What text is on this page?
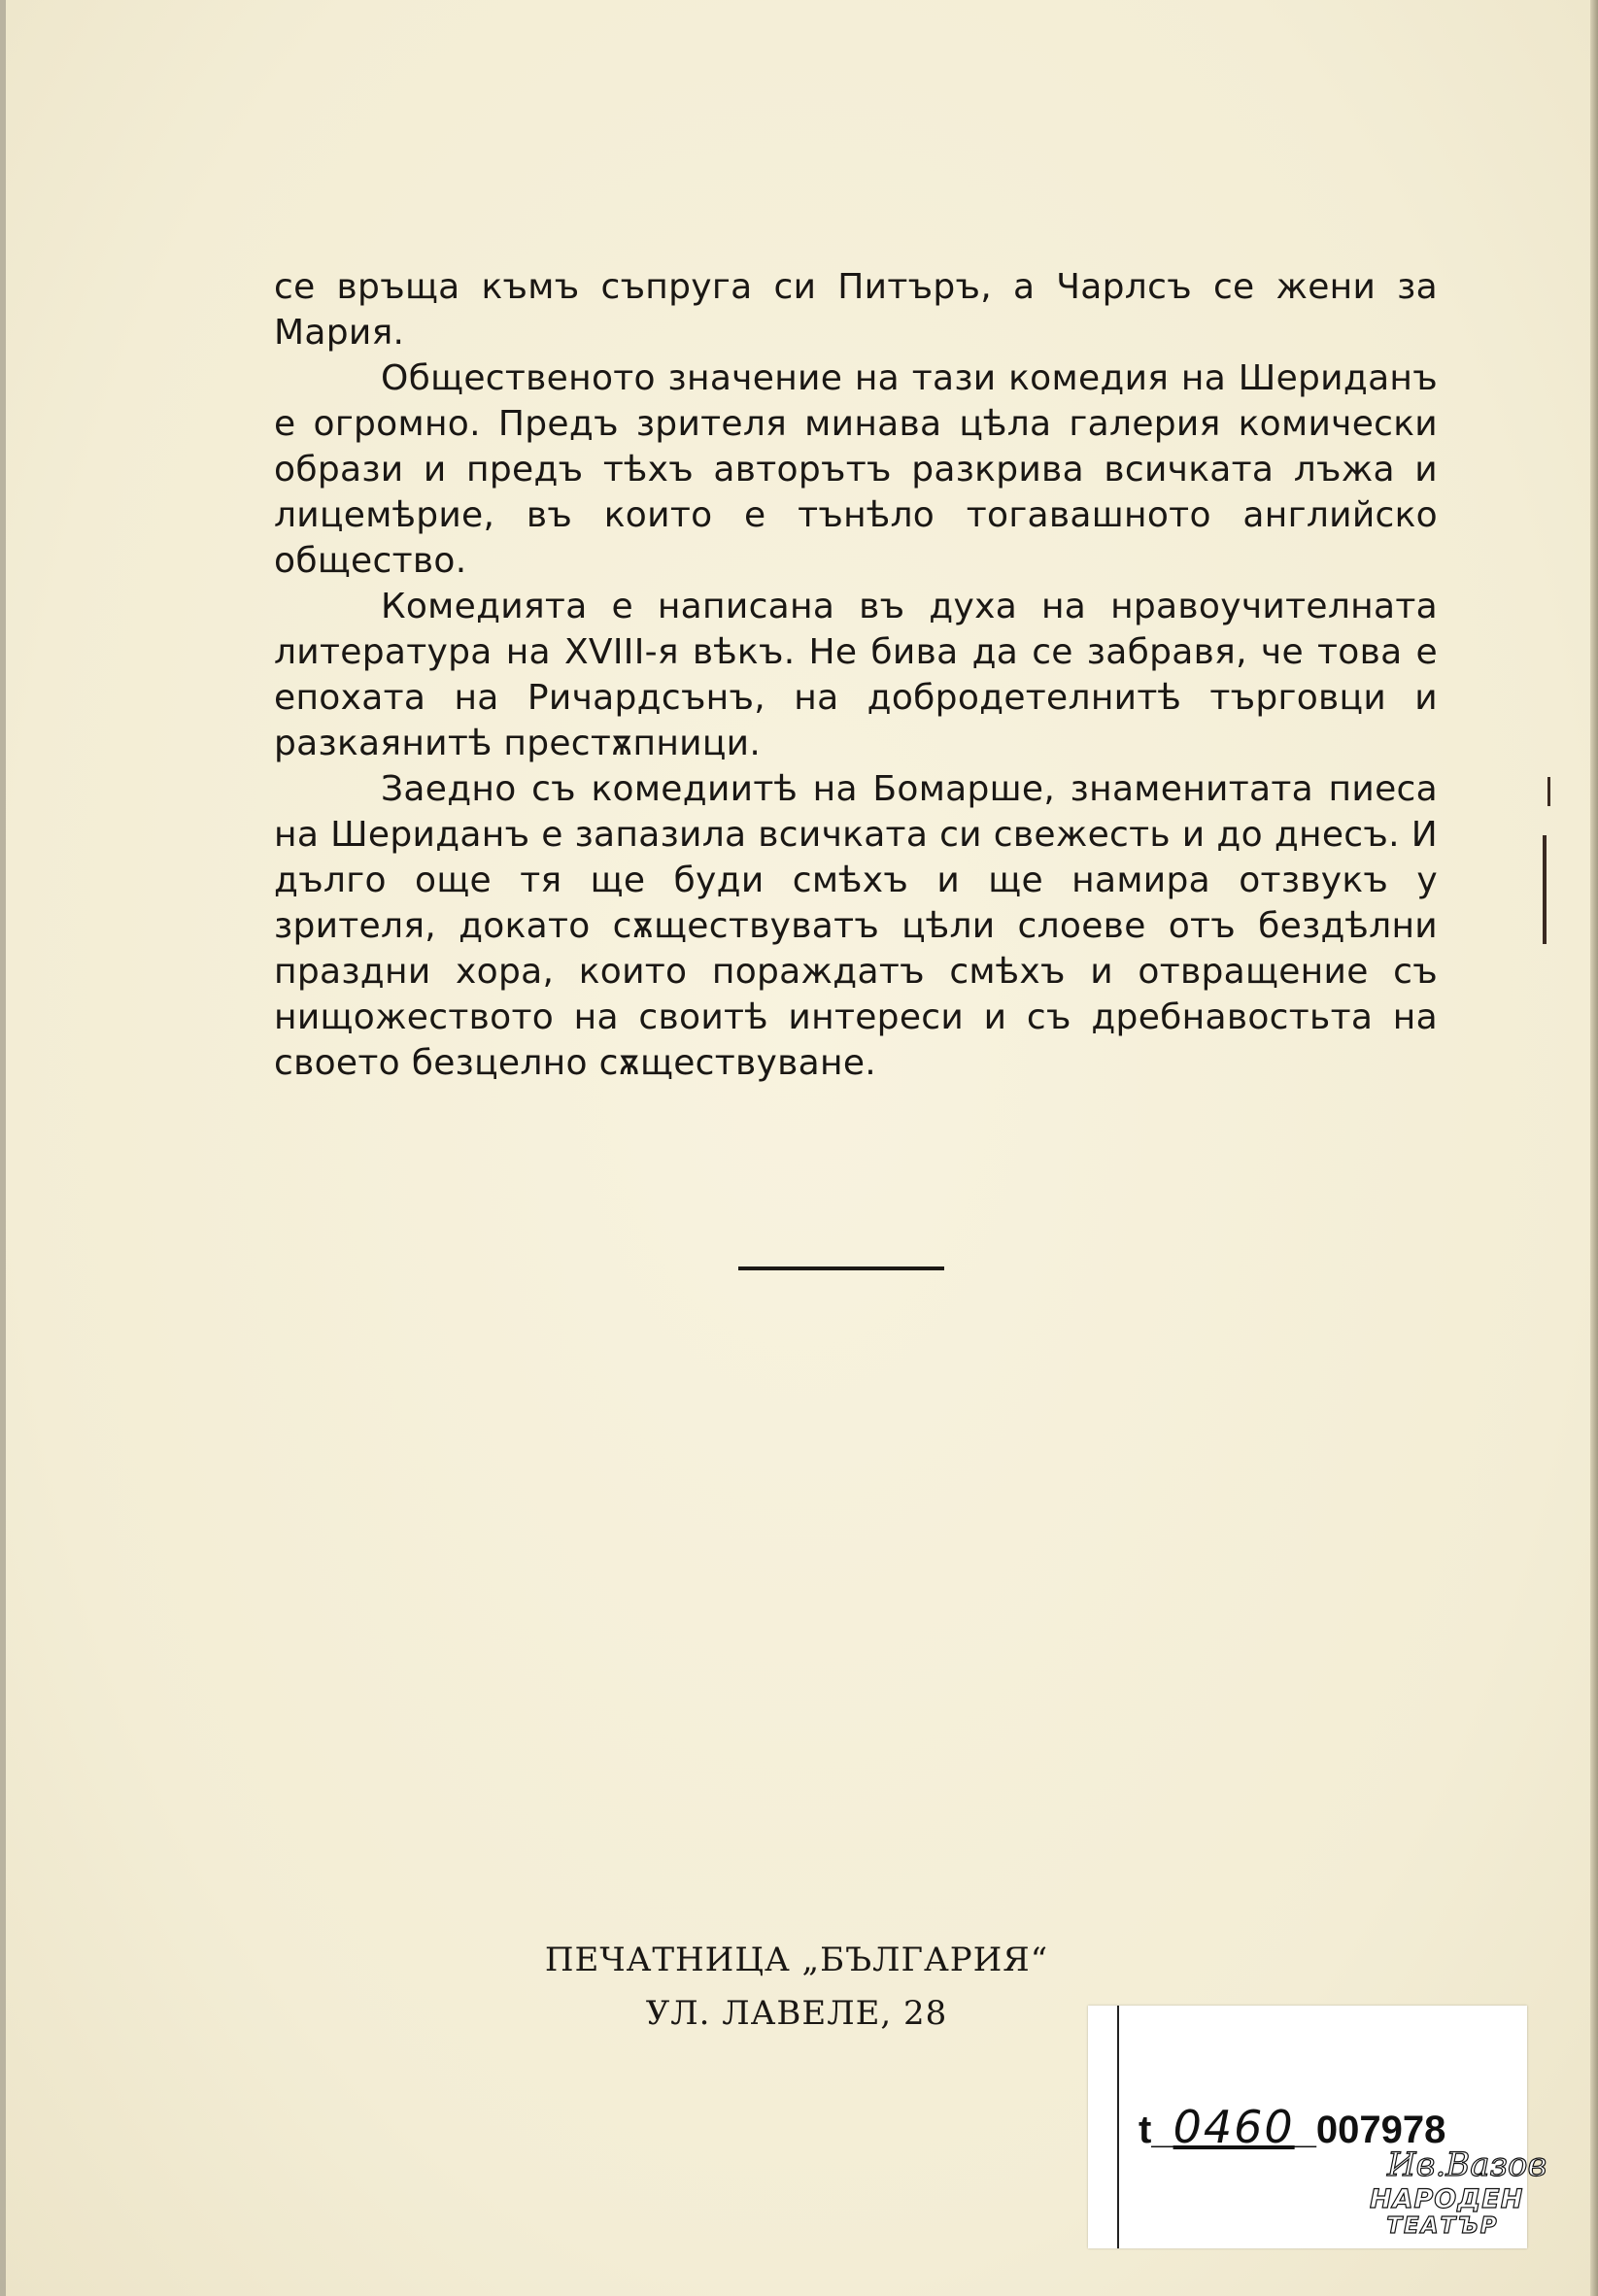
се връща къмъ съпруга си Питъръ, а Чарлсъ се жени за Мария.

Общественото значение на тази комедия на Шериданъ е огромно. Предъ зрителя минава цѣла галерия комически образи и предъ тѣхъ авторътъ разкрива всичката лъжа и лицемѣрие, въ които е тънѣло тогавашното английско общество.

Комедията е написана въ духа на нравоучителната литература на XVIII-я вѣкъ. Не бива да се забравя, че това е епохата на Ричардсънъ, на добродетелнитѣ търговци и разкаянитѣ престѫпници.

Заедно съ комедиитѣ на Бомарше, знаменитата пиеса на Шериданъ е запазила всичката си свежесть и до днесъ. И дълго още тя ще буди смѣхъ и ще намира отзвукъ у зрителя, докато сѫществуватъ цѣли слоеве отъ бездѣлни праздни хора, които пораждатъ смѣхъ и отвращение съ нищожеството на своитѣ интереси и съ дребнавостьта на своето безцелно сѫществуване.

ПЕЧАТНИЦА „БЪЛГАРИЯ“
УЛ. ЛАВЕЛЕ, 28
t_0460_007978
Ив.Вазов
НАРОДЕН
ТЕАТЪР
